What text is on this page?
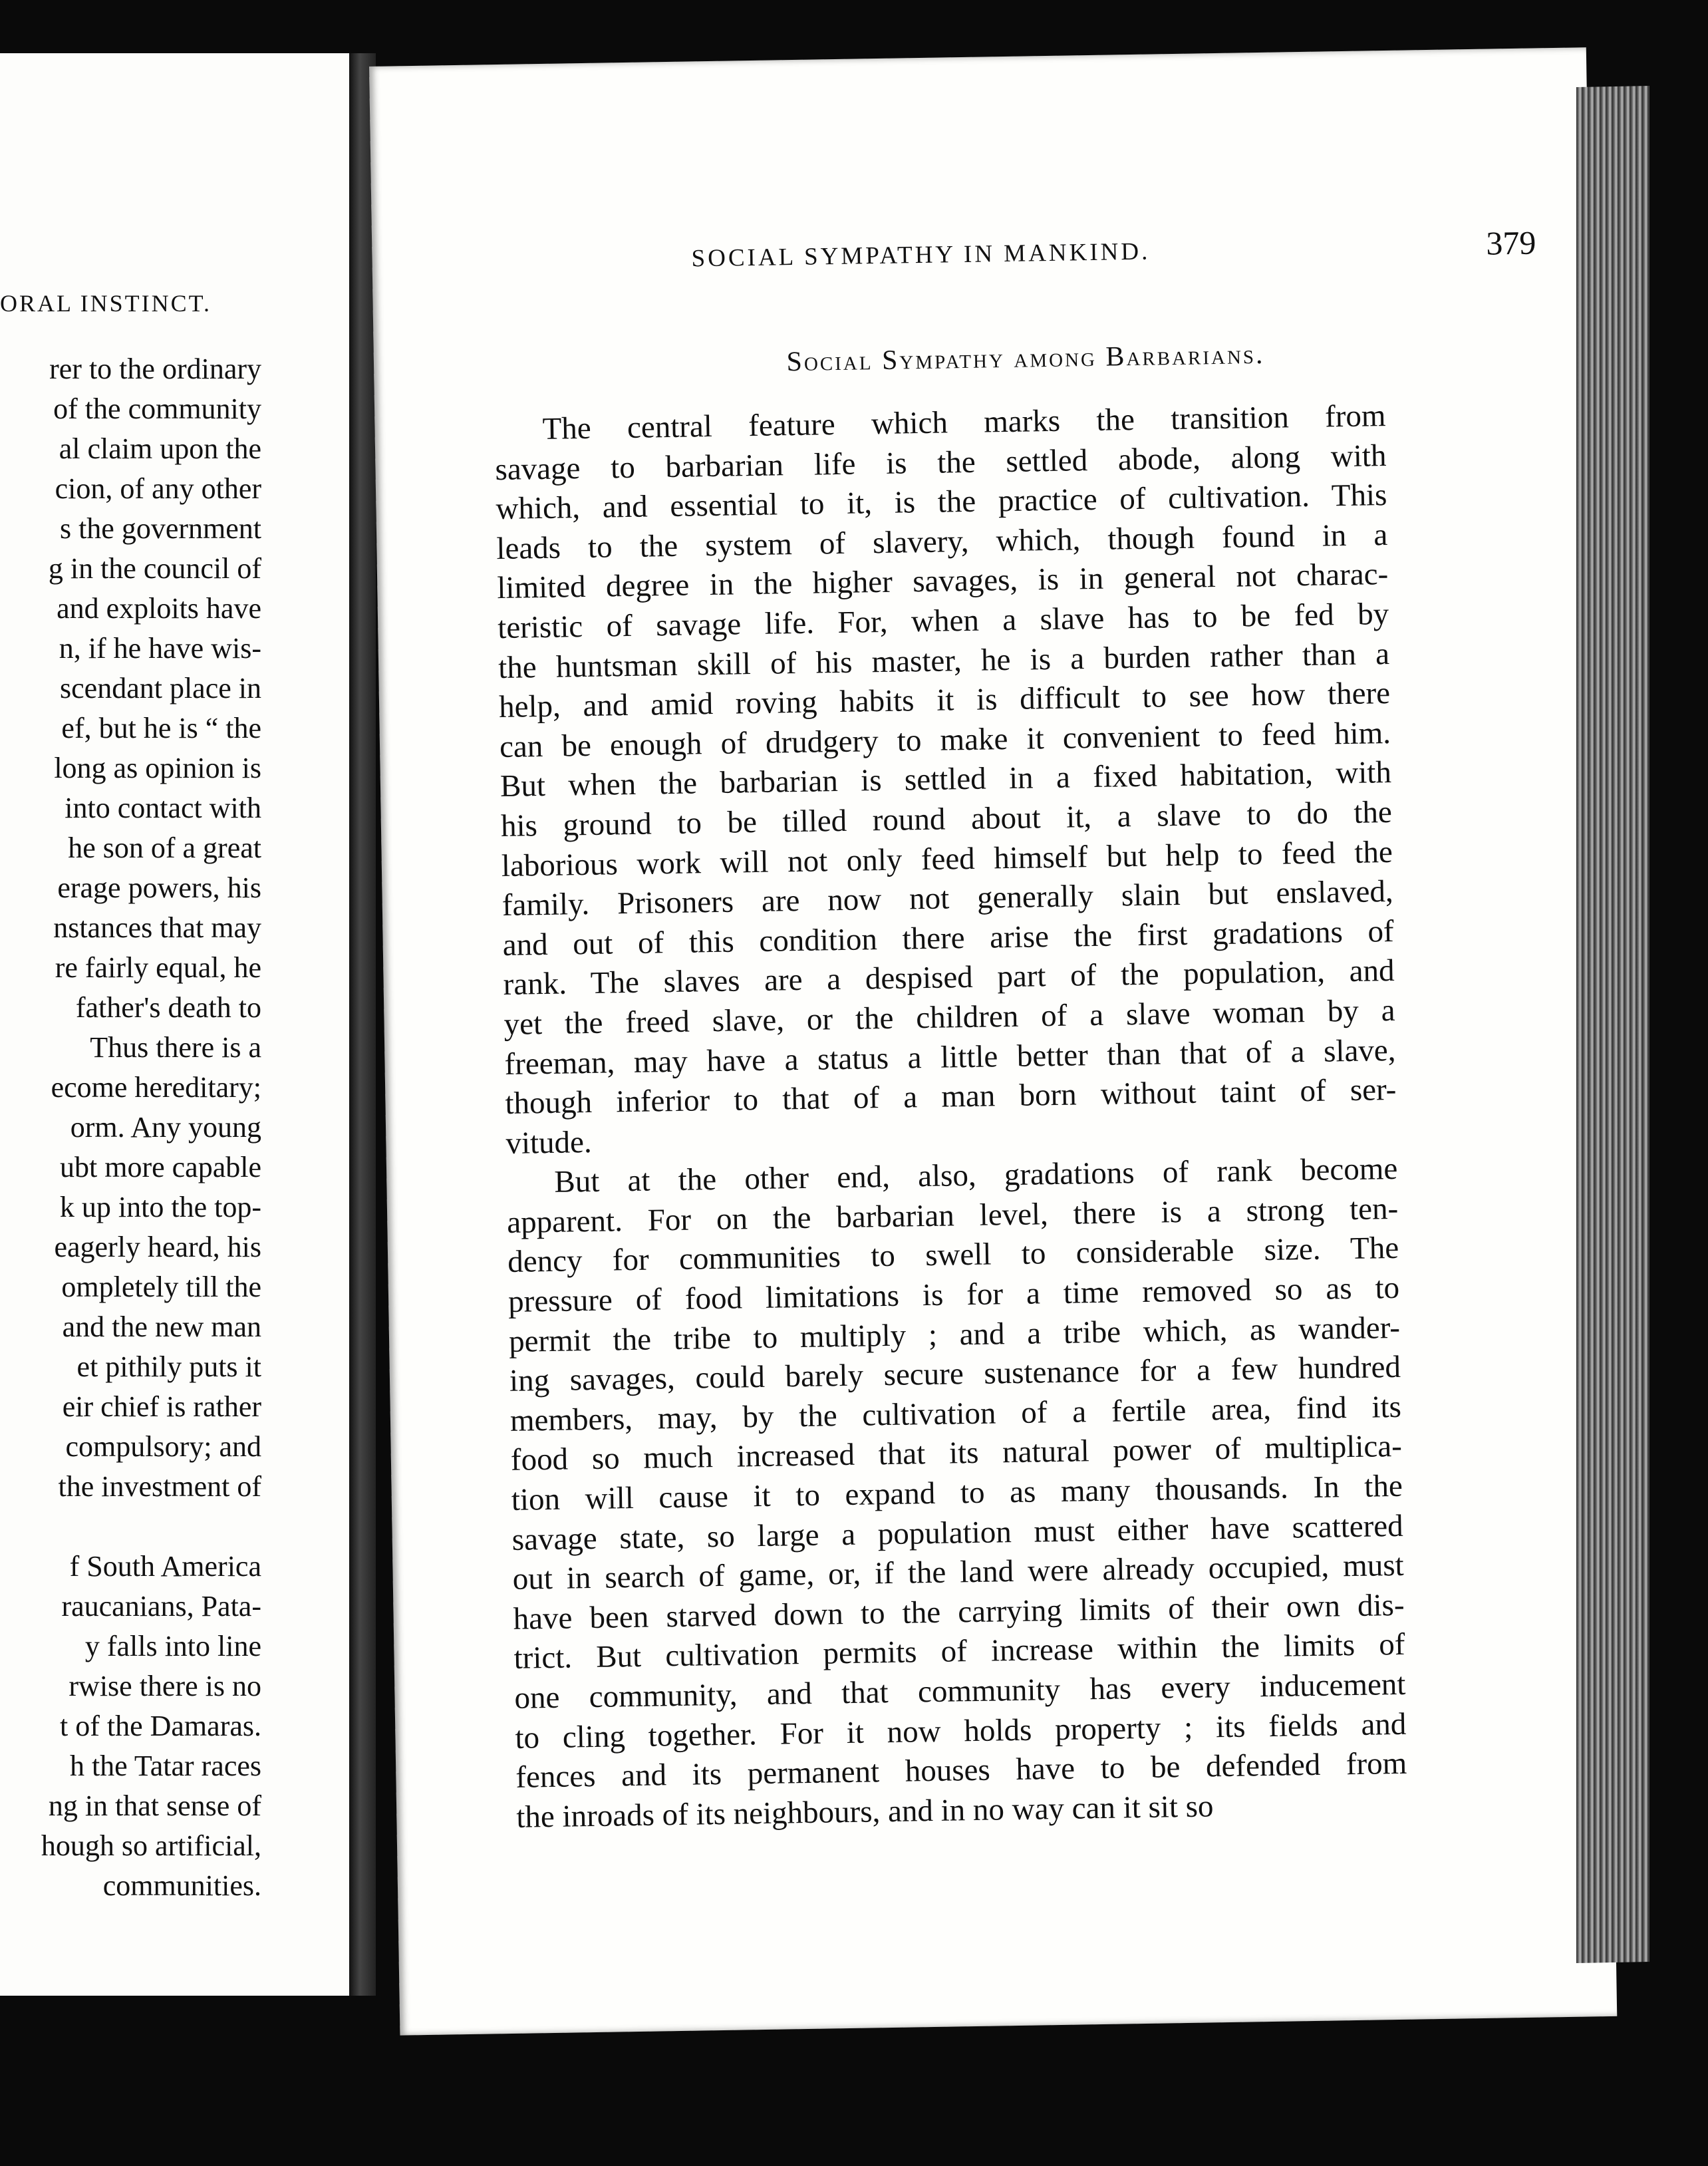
ORAL INSTINCT.
rer to the ordinary
of the community
al claim upon the
cion, of any other
s the government
g in the council of
and exploits have
n, if he have wis-
scendant place in
ef, but he is “ the
long as opinion is
into contact with
he son of a great
erage powers, his
nstances that may
re fairly equal, he
father's death to
Thus there is a
ecome hereditary;
orm. Any young
ubt more capable
k up into the top-
eagerly heard, his
ompletely till the
and the new man
et pithily puts it
eir chief is rather
compulsory; and
the investment of
f South America
raucanians, Pata-
y falls into line
rwise there is no
t of the Damaras.
h the Tatar races
ng in that sense of
hough so artificial,
communities.
SOCIAL SYMPATHY IN MANKIND.	379
Social Sympathy among Barbarians.
The central feature which marks the transition from
savage to barbarian life is the settled abode, along with
which, and essential to it, is the practice of cultivation. This
leads to the system of slavery, which, though found in a
limited degree in the higher savages, is in general not charac-
teristic of savage life. For, when a slave has to be fed by
the huntsman skill of his master, he is a burden rather than a
help, and amid roving habits it is difficult to see how there
can be enough of drudgery to make it convenient to feed him.
But when the barbarian is settled in a fixed habitation, with
his ground to be tilled round about it, a slave to do the
laborious work will not only feed himself but help to feed the
family. Prisoners are now not generally slain but enslaved,
and out of this condition there arise the first gradations of
rank. The slaves are a despised part of the population, and
yet the freed slave, or the children of a slave woman by a
freeman, may have a status a little better than that of a slave,
though inferior to that of a man born without taint of ser-
vitude.
But at the other end, also, gradations of rank become
apparent. For on the barbarian level, there is a strong ten-
dency for communities to swell to considerable size. The
pressure of food limitations is for a time removed so as to
permit the tribe to multiply ; and a tribe which, as wander-
ing savages, could barely secure sustenance for a few hundred
members, may, by the cultivation of a fertile area, find its
food so much increased that its natural power of multiplica-
tion will cause it to expand to as many thousands. In the
savage state, so large a population must either have scattered
out in search of game, or, if the land were already occupied, must
have been starved down to the carrying limits of their own dis-
trict. But cultivation permits of increase within the limits of
one community, and that community has every inducement
to cling together. For it now holds property ; its fields and
fences and its permanent houses have to be defended from
the inroads of its neighbours, and in no way can it sit so
